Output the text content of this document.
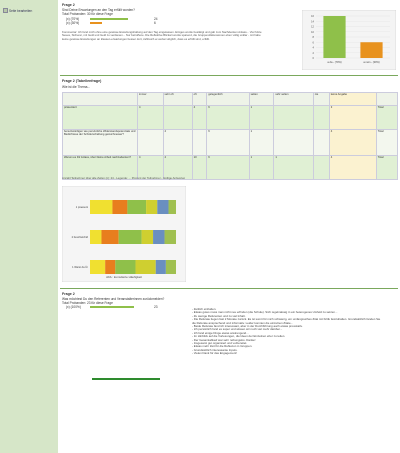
Seite bearbeiten
Frage 2
Sind Deine Erwartungen an den Tag erfüllt worden?
Total Probanden: 30 für diese Frage
(x) (70%)	24
(x) (30%)	6
Kommentar: Ich fand mich ohne eine gewisse Erwartungshaltung auf den Tag eingelassen. Einiges wurde bestätigt und gab zum Nachdenken Anlass... Viel hörte Neues, Sicherer, mit Geld und Geld zu verdienen... Nur betroffene. Die Reflektive Blickart wurde sparend, die Gruppendiskussionen eben völlig unklar - mit habe keine gewisse Erwartungen an klassen-erwartungen besser dort, zahlreich er-wobei Höglich, dass es erfüllt sind, erfüllt.
0
2
4
6
8
10
12
14
16
a da - (70%)	a nein - (30%)
Frage 2 (Tabellenfrage)
Wie ist die Thema...
	immer	sehr oft	oft	gelegentlich	selten	sehr selten	nie	keine Angabe	
präsentiert	4		4	6	1			3	Total
benutzwürdigen wie persönliche Widerstandspotenziale und Bedürfnisse der Schülerschaftung gezeichnesser?		4		6	1			4	Total
Warum es Dir Anlass, über Deine Arbeit nachzudenken?	4	4	10	6	1	1		4	Total
Anzahl Teilnehmer über alle Zeilen (n): 24 - Legende: ... Prozent der Teilnehmer - Gültige Antworten
1 praesent
2 beschwichtd
1 Warst da Ür
Abb.: kumulierte Häufigkeit
Frage 2
Was möchtest Du den Referenten und Veranstalterinnen zurückmelden?
Total Probanden: 23 für diese Frage
(x) (100%)	23	- Zeitlich einhalten.
- Etwas gutes muss man nicht neu erfinden (die Schule). Sich regelmässig in ein heterogenes Umfeld zu setzen...
- Zu wenige Referenten und zu viel Inhalt.
- Die Referate liegen fast 2 Monate zurück. Es ist somit für mich schwierig, ein umfangreiches Zitat mit Kritik festzuhalten. Grundsätzlich fanden Sie die Referate ansprechend und informativ. Leider konnten die einzelnen Zitate...
- Beide Referate fand ich interessant, aber in der Durchführung auch etwas provokativ.
- Ich persönlich fand es super und wissen wir noch viel mehr darüber...
- Ich fand einige Dinge etwas anstrengend...
- Im Hinblick auf die Vorlesungen, die Ideen der Einzelnen eher zu teilen.
- Der Gesamtablauf war sehr reibungslos. Danke!
- Insgesamt gut organisiert und vorbereitet.
- Etwas mehr Zeit für die Reflexion in Gruppen.
- Grundsätzlich interessante Inputs.
- Vielen Dank für das Engagement!
